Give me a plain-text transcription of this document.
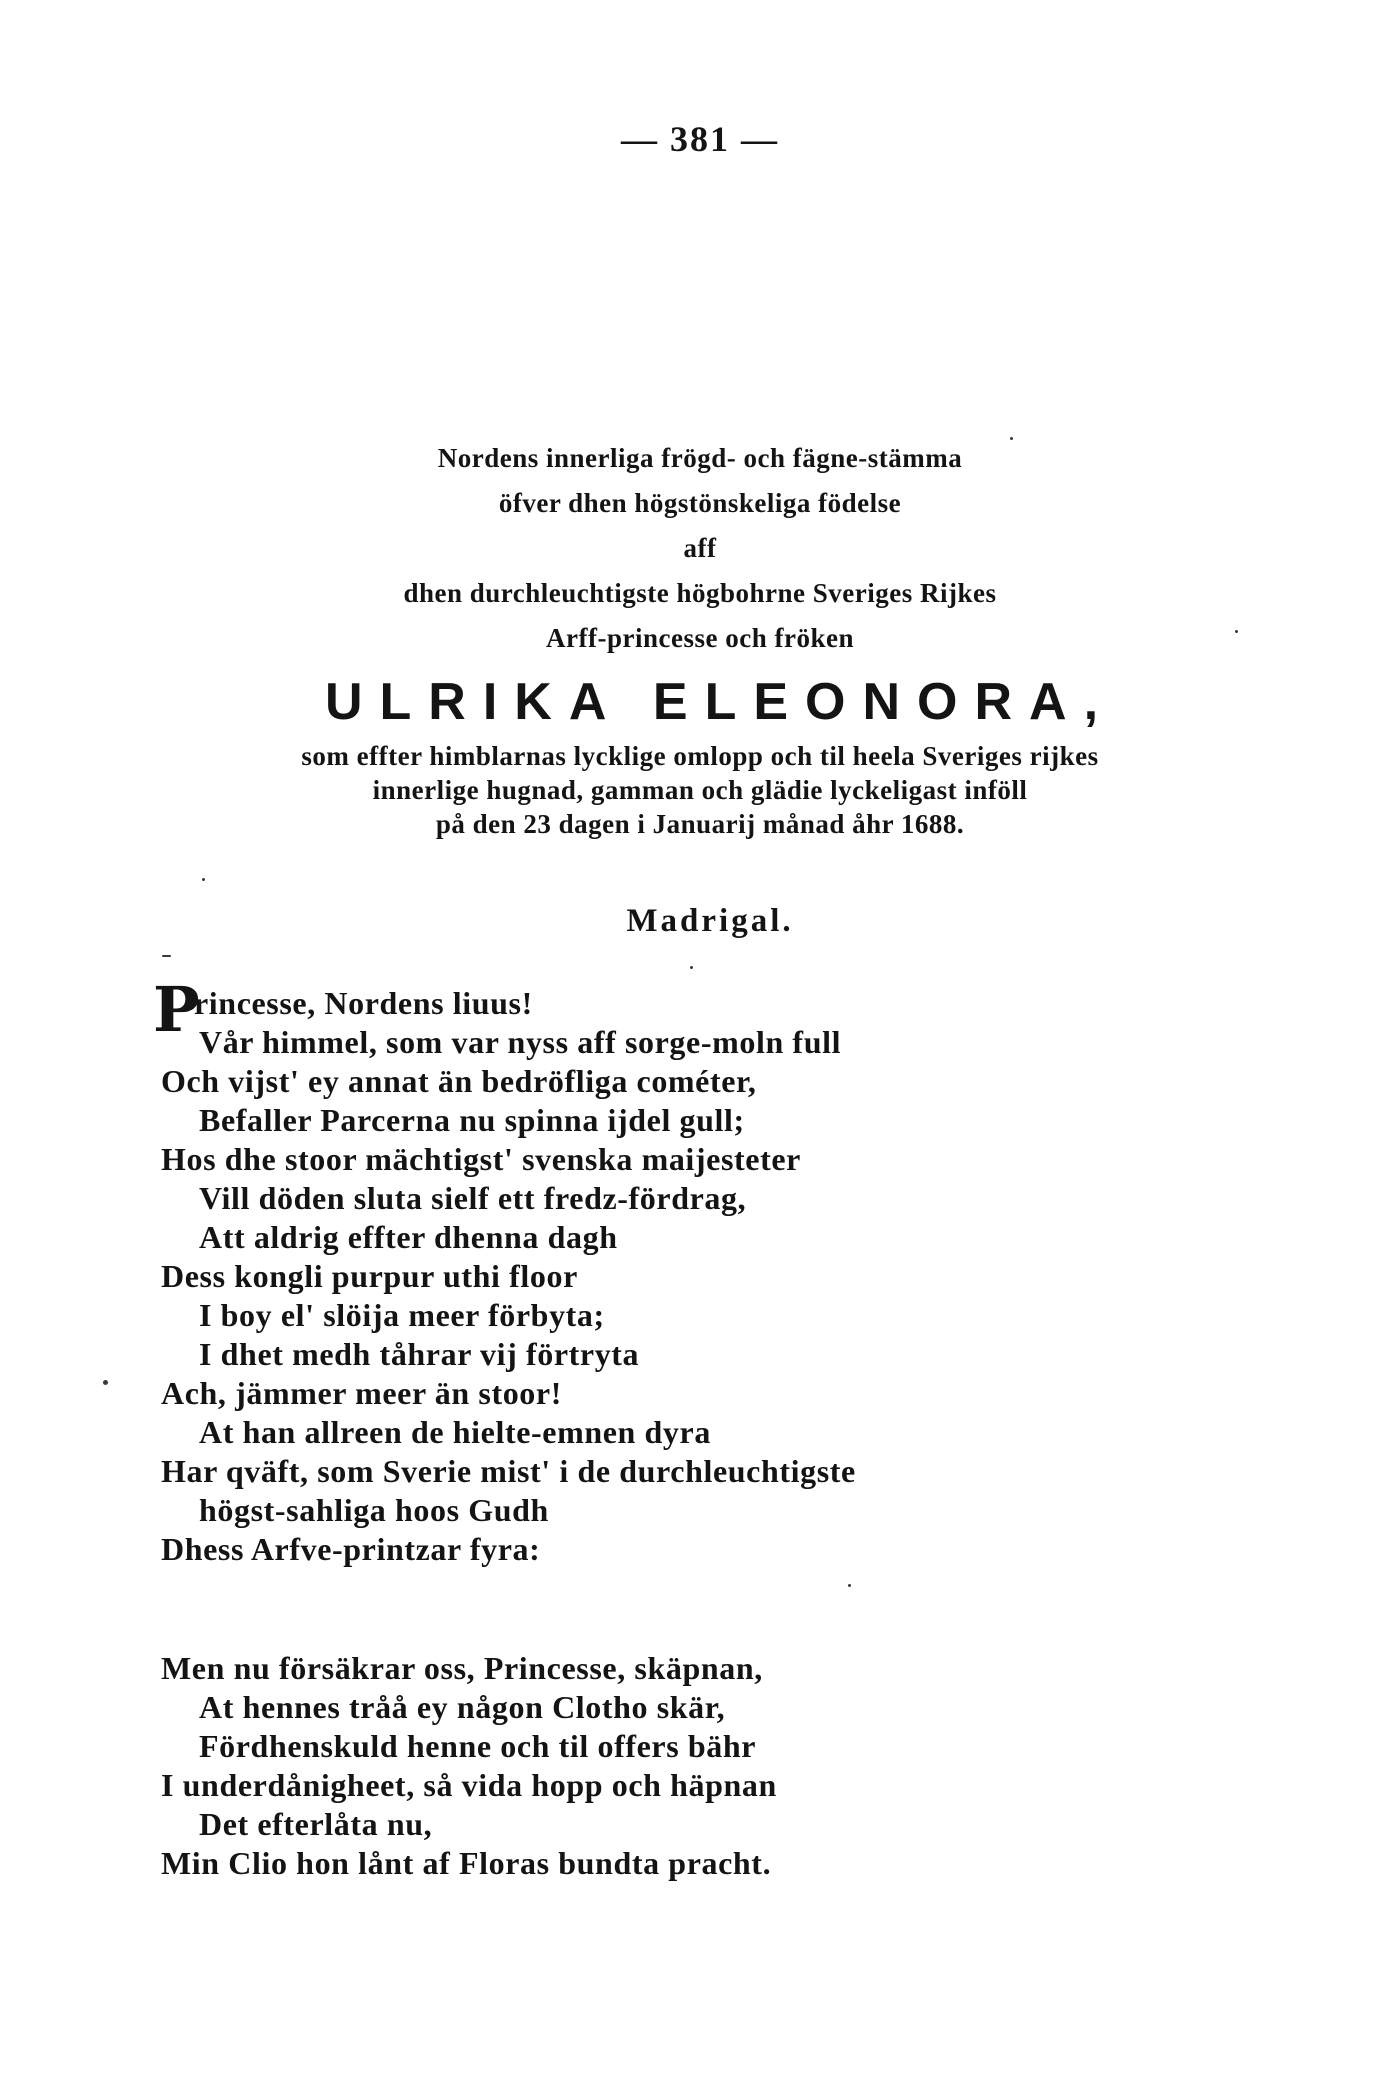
— 381 —
Nordens innerliga frögd- och fägne-stämma
öfver dhen högstönskeliga födelse
aff
dhen durchleuchtigste högbohrne Sveriges Rijkes
Arff-princesse och fröken
ULRIKA ELEONORA,
som effter himblarnas lycklige omlopp och til heela Sveriges rijkes
innerlige hugnad, gamman och glädie lyckeligast inföll
på den 23 dagen i Januarij månad åhr 1688.
Madrigal.
Princesse, Nordens liuus!
Vår himmel, som var nyss aff sorge-moln full
Och vijst' ey annat än bedröfliga cométer,
Befaller Parcerna nu spinna ijdel gull;
Hos dhe stoor mächtigst' svenska maijesteter
Vill döden sluta sielf ett fredz-fördrag,
Att aldrig effter dhenna dagh
Dess kongli purpur uthi floor
I boy el' slöija meer förbyta;
I dhet medh tåhrar vij förtryta
Ach, jämmer meer än stoor!
At han allreen de hielte-emnen dyra
Har qväft, som Sverie mist' i de durchleuchtigste
högst-sahliga hoos Gudh
Dhess Arfve-printzar fyra:
Men nu försäkrar oss, Princesse, skäpnan,
At hennes tråå ey någon Clotho skär,
Fördhenskuld henne och til offers bähr
I underdånigheet, så vida hopp och häpnan
Det efterlåta nu,
Min Clio hon lånt af Floras bundta pracht.
